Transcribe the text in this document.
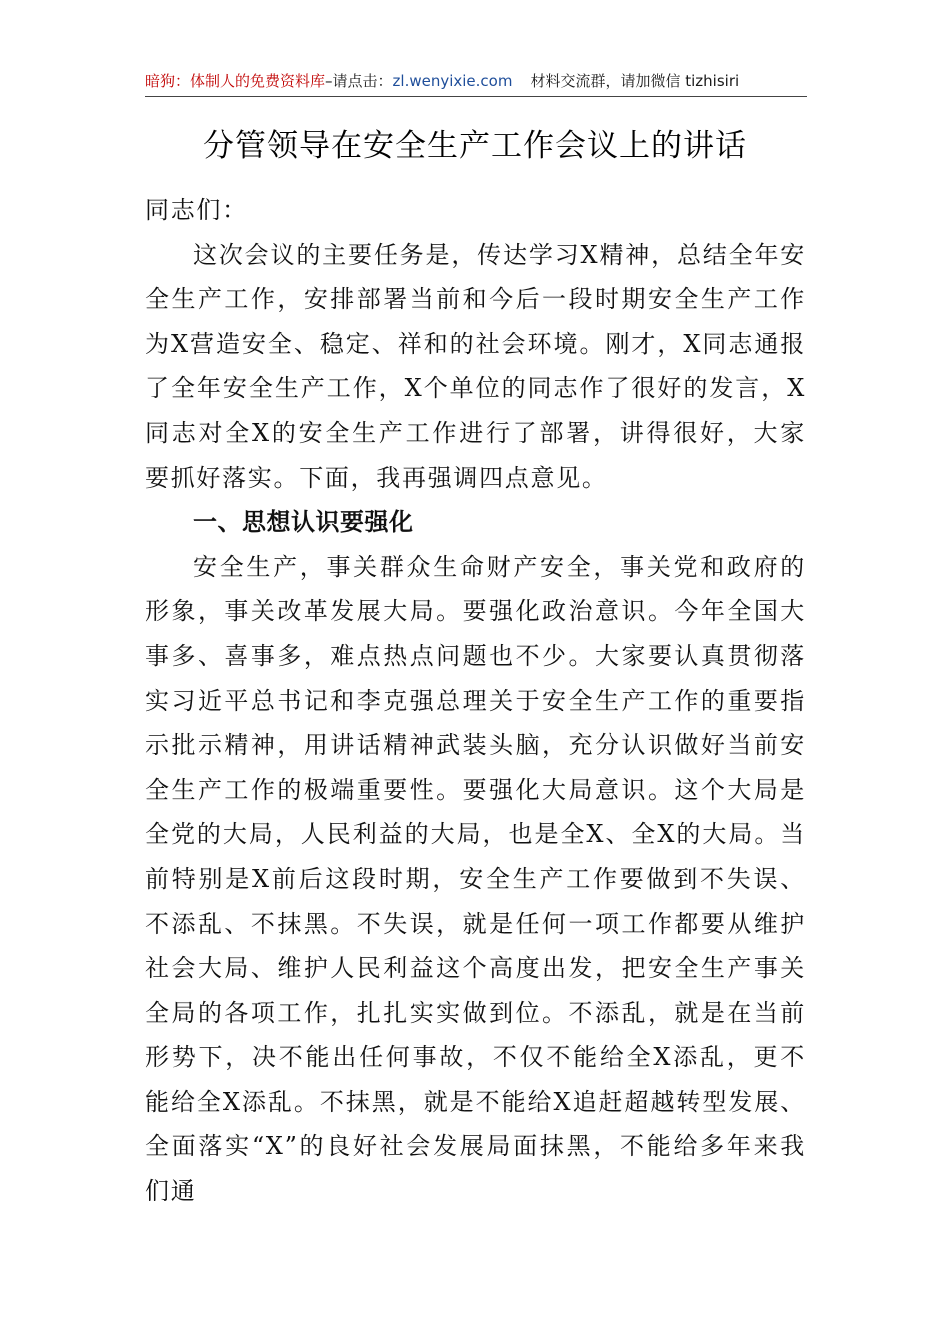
暗狗：体制人的免费资料库–请点击：zl.wenyixie.com 材料交流群，请加微信 tizhisiri
分管领导在安全生产工作会议上的讲话

同志们：

这次会议的主要任务是，传达学习X精神，总结全年安全生产工作，安排部署当前和今后一段时期安全生产工作为X营造安全、稳定、祥和的社会环境。刚才，X同志通报了全年安全生产工作，X个单位的同志作了很好的发言，X同志对全X的安全生产工作进行了部署，讲得很好，大家要抓好落实。下面，我再强调四点意见。

一、思想认识要强化

安全生产，事关群众生命财产安全，事关党和政府的形象，事关改革发展大局。要强化政治意识。今年全国大事多、喜事多，难点热点问题也不少。大家要认真贯彻落实习近平总书记和李克强总理关于安全生产工作的重要指示批示精神，用讲话精神武装头脑，充分认识做好当前安全生产工作的极端重要性。要强化大局意识。这个大局是全党的大局，人民利益的大局，也是全X、全X的大局。当前特别是X前后这段时期，安全生产工作要做到不失误、不添乱、不抹黑。不失误，就是任何一项工作都要从维护社会大局、维护人民利益这个高度出发，把安全生产事关全局的各项工作，扎扎实实做到位。不添乱，就是在当前形势下，决不能出任何事故，不仅不能给全X添乱，更不能给全X添乱。不抹黑，就是不能给X追赶超越转型发展、全面落实“X”的良好社会发展局面抹黑，不能给多年来我们通
